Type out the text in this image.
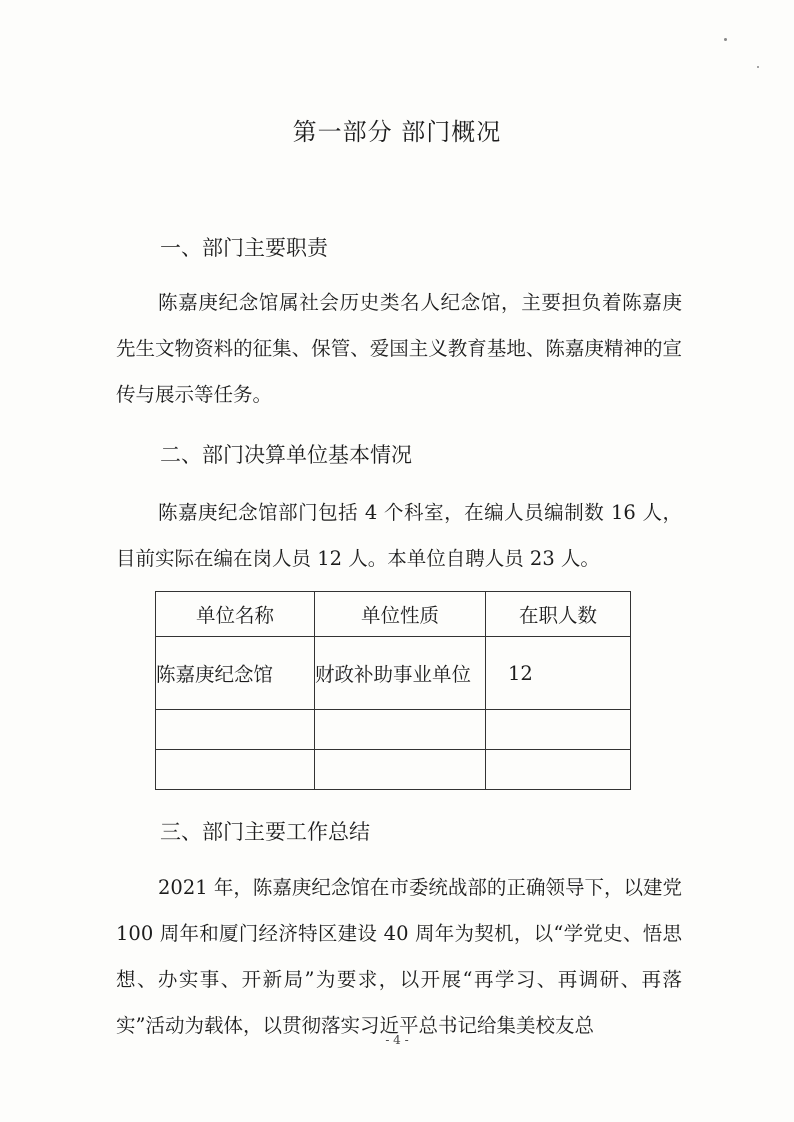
第一部分 部门概况
一、部门主要职责
陈嘉庚纪念馆属社会历史类名人纪念馆，主要担负着陈嘉庚先生文物资料的征集、保管、爱国主义教育基地、陈嘉庚精神的宣传与展示等任务。
二、部门决算单位基本情况
陈嘉庚纪念馆部门包括 4 个科室，在编人员编制数 16 人，目前实际在编在岗人员 12 人。本单位自聘人员 23 人。
单位名称	单位性质	在职人数
陈嘉庚纪念馆	财政补助事业单位	12

三、部门主要工作总结
2021 年，陈嘉庚纪念馆在市委统战部的正确领导下，以建党 100 周年和厦门经济特区建设 40 周年为契机，以“学党史、悟思想、办实事、开新局”为要求，以开展“再学习、再调研、再落实”活动为载体，以贯彻落实习近平总书记给集美校友总
- 4 -
